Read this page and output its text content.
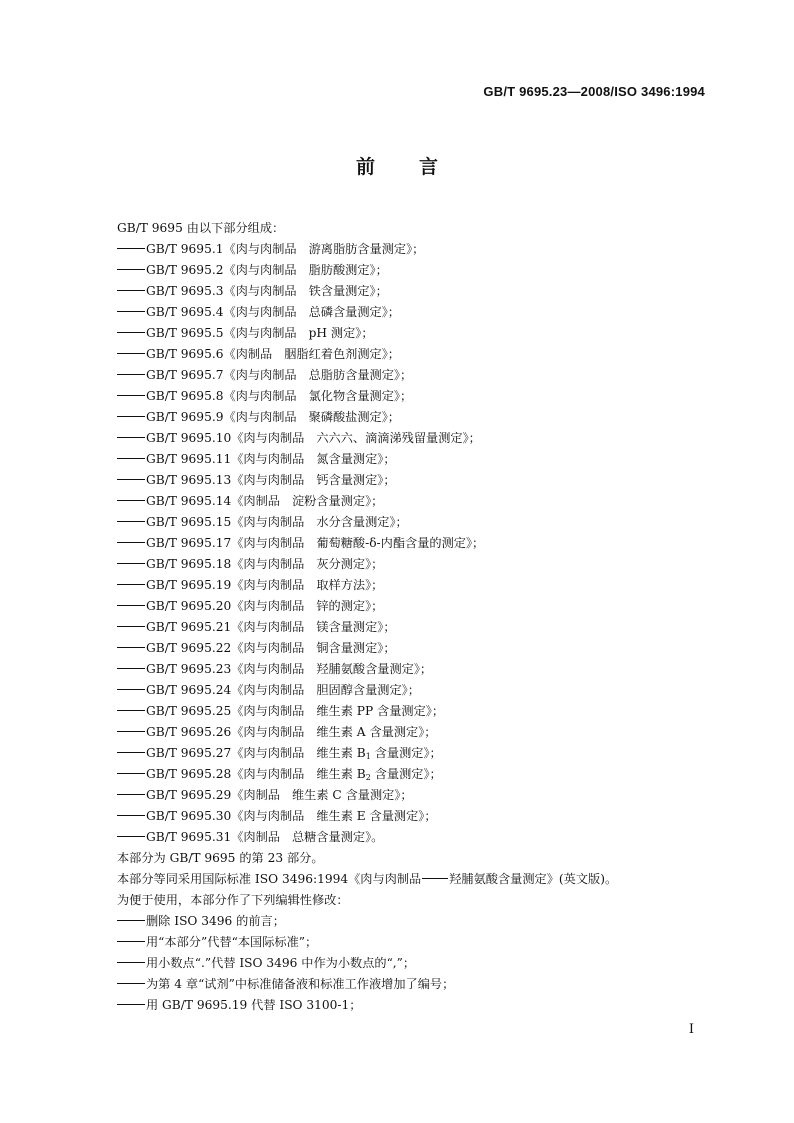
GB/T 9695.23—2008/ISO 3496:1994
前言
GB/T 9695 由以下部分组成：
GB/T 9695.1《肉与肉制品 游离脂肪含量测定》；
GB/T 9695.2《肉与肉制品 脂肪酸测定》；
GB/T 9695.3《肉与肉制品 铁含量测定》；
GB/T 9695.4《肉与肉制品 总磷含量测定》；
GB/T 9695.5《肉与肉制品 pH 测定》；
GB/T 9695.6《肉制品 胭脂红着色剂测定》；
GB/T 9695.7《肉与肉制品 总脂肪含量测定》；
GB/T 9695.8《肉与肉制品 氯化物含量测定》；
GB/T 9695.9《肉与肉制品 聚磷酸盐测定》；
GB/T 9695.10《肉与肉制品 六六六、滴滴涕残留量测定》；
GB/T 9695.11《肉与肉制品 氮含量测定》；
GB/T 9695.13《肉与肉制品 钙含量测定》；
GB/T 9695.14《肉制品 淀粉含量测定》；
GB/T 9695.15《肉与肉制品 水分含量测定》；
GB/T 9695.17《肉与肉制品 葡萄糖酸-δ-内酯含量的测定》；
GB/T 9695.18《肉与肉制品 灰分测定》；
GB/T 9695.19《肉与肉制品 取样方法》；
GB/T 9695.20《肉与肉制品 锌的测定》；
GB/T 9695.21《肉与肉制品 镁含量测定》；
GB/T 9695.22《肉与肉制品 铜含量测定》；
GB/T 9695.23《肉与肉制品 羟脯氨酸含量测定》；
GB/T 9695.24《肉与肉制品 胆固醇含量测定》；
GB/T 9695.25《肉与肉制品 维生素 PP 含量测定》；
GB/T 9695.26《肉与肉制品 维生素 A 含量测定》；
GB/T 9695.27《肉与肉制品 维生素 $B_1$ 含量测定》；
GB/T 9695.28《肉与肉制品 维生素 $B_2$ 含量测定》；
GB/T 9695.29《肉制品 维生素 C 含量测定》；
GB/T 9695.30《肉与肉制品 维生素 E 含量测定》；
GB/T 9695.31《肉制品 总糖含量测定》。
本部分为 GB/T 9695 的第 23 部分。
本部分等同采用国际标准 ISO 3496:1994《肉与肉制品 羟脯氨酸含量测定》(英文版)。
为便于使用，本部分作了下列编辑性修改：
删除 ISO 3496 的前言；
用“本部分”代替“本国际标准”；
用小数点“.”代替 ISO 3496 中作为小数点的“,”；
为第 4 章“试剂”中标准储备液和标准工作液增加了编号；
用 GB/T 9695.19 代替 ISO 3100-1；
I
